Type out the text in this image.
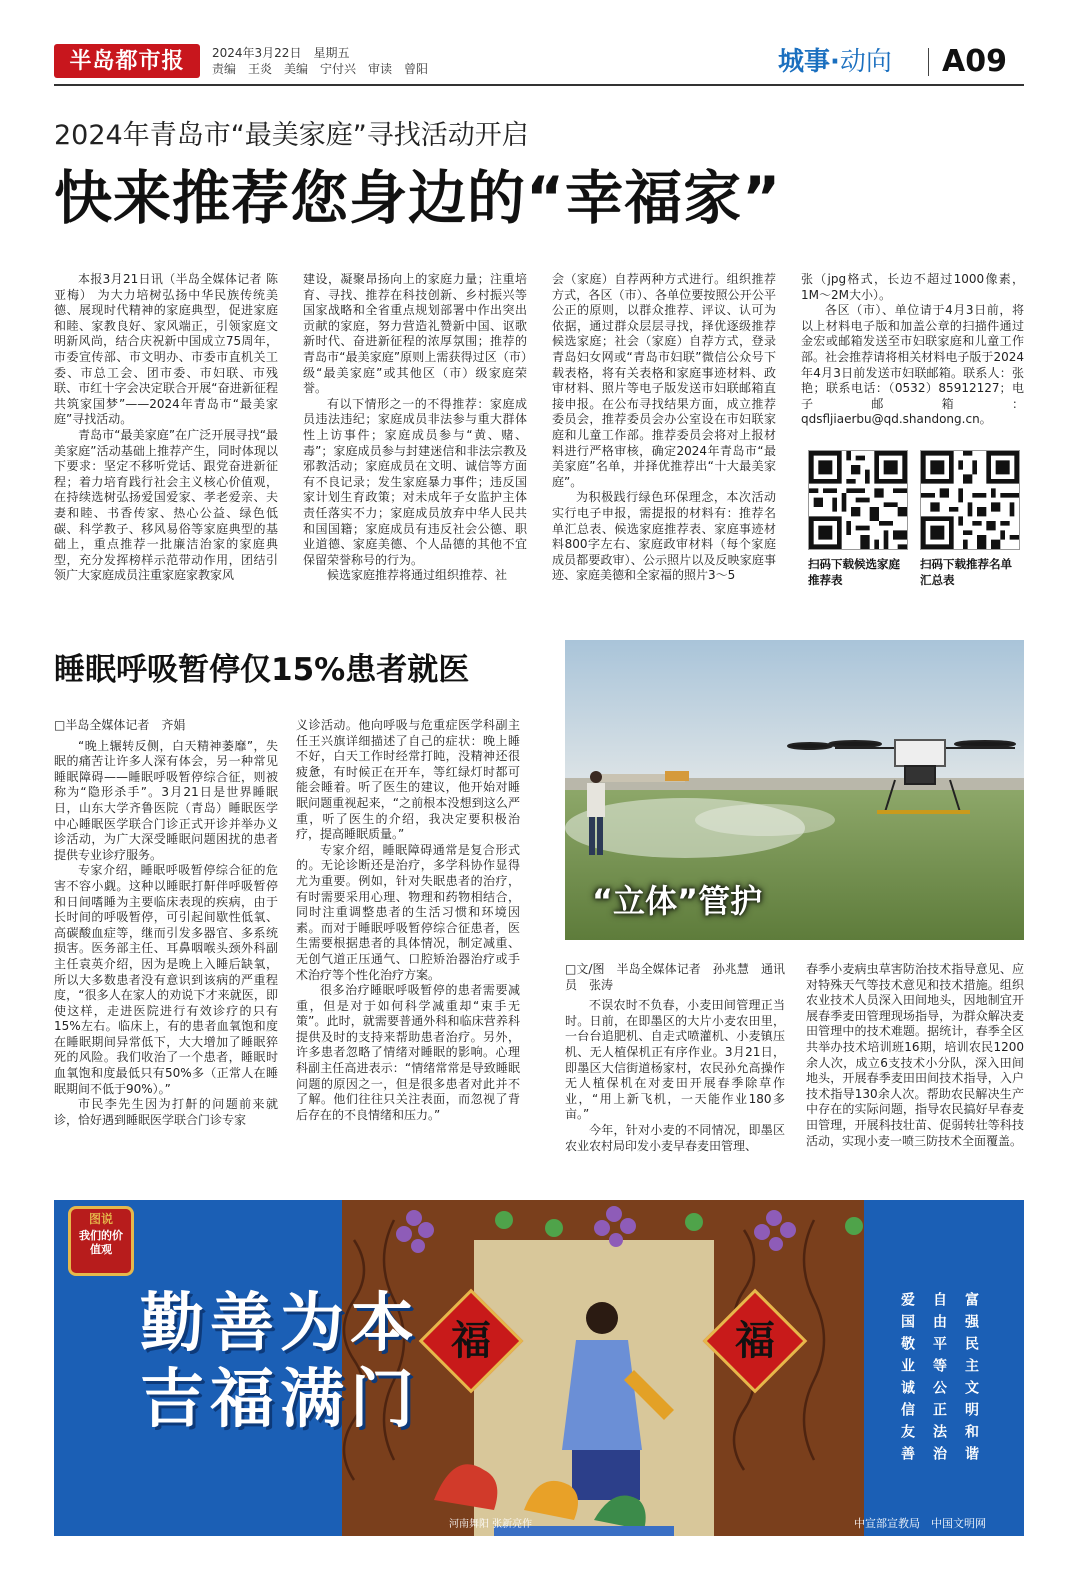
半岛都市报	2024年3月22日　星期五
责编　王炎　美编　宁付兴　审读　曾阳	城事·动向 A09
2024年青岛市“最美家庭”寻找活动开启
快来推荐您身边的“幸福家”

本报3月21日讯（半岛全媒体记者 陈亚梅） 为大力培树弘扬中华民族传统美德、展现时代精神的家庭典型，促进家庭和睦、家教良好、家风端正，引领家庭文明新风尚，结合庆祝新中国成立75周年，市委宣传部、市文明办、市委市直机关工委、市总工会、团市委、市妇联、市残联、市红十字会决定联合开展“奋进新征程　共筑家国梦”——2024年青岛市“最美家庭”寻找活动。

青岛市“最美家庭”在广泛开展寻找“最美家庭”活动基础上推荐产生，同时体现以下要求：坚定不移听党话、跟党奋进新征程；着力培育践行社会主义核心价值观，在持续选树弘扬爱国爱家、孝老爱亲、夫妻和睦、书香传家、热心公益、绿色低碳、科学教子、移风易俗等家庭典型的基础上，重点推荐一批廉洁治家的家庭典型，充分发挥榜样示范带动作用，团结引领广大家庭成员注重家庭家教家风

建设，凝聚昂扬向上的家庭力量；注重培育、寻找、推荐在科技创新、乡村振兴等国家战略和全省重点规划部署中作出突出贡献的家庭，努力营造礼赞新中国、讴歌新时代、奋进新征程的浓厚氛围；推荐的青岛市“最美家庭”原则上需获得过区（市）级“最美家庭”或其他区（市）级家庭荣誉。

有以下情形之一的不得推荐：家庭成员违法违纪；家庭成员非法参与重大群体性上访事件；家庭成员参与“黄、赌、毒”；家庭成员参与封建迷信和非法宗教及邪教活动；家庭成员在文明、诚信等方面有不良记录；发生家庭暴力事件；违反国家计划生育政策；对未成年子女监护主体责任落实不力；家庭成员放弃中华人民共和国国籍；家庭成员有违反社会公德、职业道德、家庭美德、个人品德的其他不宜保留荣誉称号的行为。

候选家庭推荐将通过组织推荐、社

会（家庭）自荐两种方式进行。组织推荐方式，各区（市）、各单位要按照公开公平公正的原则，以群众推荐、评议、认可为依据，通过群众层层寻找，择优逐级推荐候选家庭；社会（家庭）自荐方式，登录青岛妇女网或“青岛市妇联”微信公众号下载表格，将有关表格和家庭事迹材料、政审材料、照片等电子版发送市妇联邮箱直接申报。在公布寻找结果方面，成立推荐委员会，推荐委员会办公室设在市妇联家庭和儿童工作部。推荐委员会将对上报材料进行严格审核，确定2024年青岛市“最美家庭”名单，并择优推荐出“十大最美家庭”。

为积极践行绿色环保理念，本次活动实行电子申报，需提报的材料有：推荐名单汇总表、候选家庭推荐表、家庭事迹材料800字左右、家庭政审材料（每个家庭成员都要政审）、公示照片以及反映家庭事迹、家庭美德和全家福的照片3～5

张（jpg格式，长边不超过1000像素，1M～2M大小）。

各区（市）、单位请于4月3日前，将以上材料电子版和加盖公章的扫描件通过金宏或邮箱发送至市妇联家庭和儿童工作部。社会推荐请将相关材料电子版于2024年4月3日前发送市妇联邮箱。联系人：张艳；联系电话：（0532）85912127；电子邮箱：qdsfljiaerbu@qd.shandong.cn。

扫码下载候选家庭推荐表
扫码下载推荐名单汇总表
睡眠呼吸暂停仅15%患者就医

□半岛全媒体记者　齐娟

“晚上辗转反侧，白天精神萎靡”，失眠的痛苦让许多人深有体会，另一种常见睡眠障碍——睡眠呼吸暂停综合征，则被称为“隐形杀手”。3月21日是世界睡眠日，山东大学齐鲁医院（青岛）睡眠医学中心睡眠医学联合门诊正式开诊并举办义诊活动，为广大深受睡眠问题困扰的患者提供专业诊疗服务。

专家介绍，睡眠呼吸暂停综合征的危害不容小觑。这种以睡眠打鼾伴呼吸暂停和日间嗜睡为主要临床表现的疾病，由于长时间的呼吸暂停，可引起间歇性低氧、高碳酸血症等，继而引发多器官、多系统损害。医务部主任、耳鼻咽喉头颈外科副主任袁英介绍，因为是晚上入睡后缺氧，所以大多数患者没有意识到该病的严重程度，“很多人在家人的劝说下才来就医，即使这样，走进医院进行有效诊疗的只有15%左右。临床上，有的患者血氧饱和度在睡眠期间异常低下，大大增加了睡眠猝死的风险。我们收治了一个患者，睡眠时血氧饱和度最低只有50%多（正常人在睡眠期间不低于90%）。”

市民李先生因为打鼾的问题前来就诊，恰好遇到睡眠医学联合门诊专家

义诊活动。他向呼吸与危重症医学科副主任王兴旗详细描述了自己的症状：晚上睡不好，白天工作时经常打盹，没精神还很疲惫，有时候正在开车，等红绿灯时都可能会睡着。听了医生的建议，他开始对睡眠问题重视起来，“之前根本没想到这么严重，听了医生的介绍，我决定要积极治疗，提高睡眠质量。”

专家介绍，睡眠障碍通常是复合形式的。无论诊断还是治疗，多学科协作显得尤为重要。例如，针对失眠患者的治疗，有时需要采用心理、物理和药物相结合，同时注重调整患者的生活习惯和环境因素。而对于睡眠呼吸暂停综合征患者，医生需要根据患者的具体情况，制定减重、无创气道正压通气、口腔矫治器治疗或手术治疗等个性化治疗方案。

很多治疗睡眠呼吸暂停的患者需要减重，但是对于如何科学减重却“束手无策”。此时，就需要普通外科和临床营养科提供及时的支持来帮助患者治疗。另外，许多患者忽略了情绪对睡眠的影响。心理科副主任高进表示：“情绪常常是导致睡眠问题的原因之一，但是很多患者对此并不了解。他们往往只关注表面，而忽视了背后存在的不良情绪和压力。”

“立体”管护

□文/图　半岛全媒体记者　孙兆慧　通讯员　张涛

不误农时不负春，小麦田间管理正当时。日前，在即墨区的大片小麦农田里，一台台追肥机、自走式喷灌机、小麦镇压机、无人植保机正有序作业。3月21日，即墨区大信街道杨家村，农民孙允高操作无人植保机在对麦田开展春季除草作业，“用上新飞机，一天能作业180多亩。”

今年，针对小麦的不同情况，即墨区农业农村局印发小麦早春麦田管理、

春季小麦病虫草害防治技术指导意见、应对特殊天气等技术意见和技术措施。组织农业技术人员深入田间地头，因地制宜开展春季麦田管理现场指导，为群众解决麦田管理中的技术难题。据统计，春季全区共举办技术培训班16期，培训农民1200余人次，成立6支技术小分队，深入田间地头，开展春季麦田田间技术指导，入户技术指导130余人次。帮助农民解决生产中存在的实际问题，指导农民搞好早春麦田管理，开展科技壮苗、促弱转壮等科技活动，实现小麦一喷三防技术全面覆盖。

图说
我们的价值观
勤善为本
吉福满门
福	福	富强民主文明和谐
自由平等公正法治
爱国敬业诚信友善
河南舞阳 张新亮作	中宣部宣教局　中国文明网
